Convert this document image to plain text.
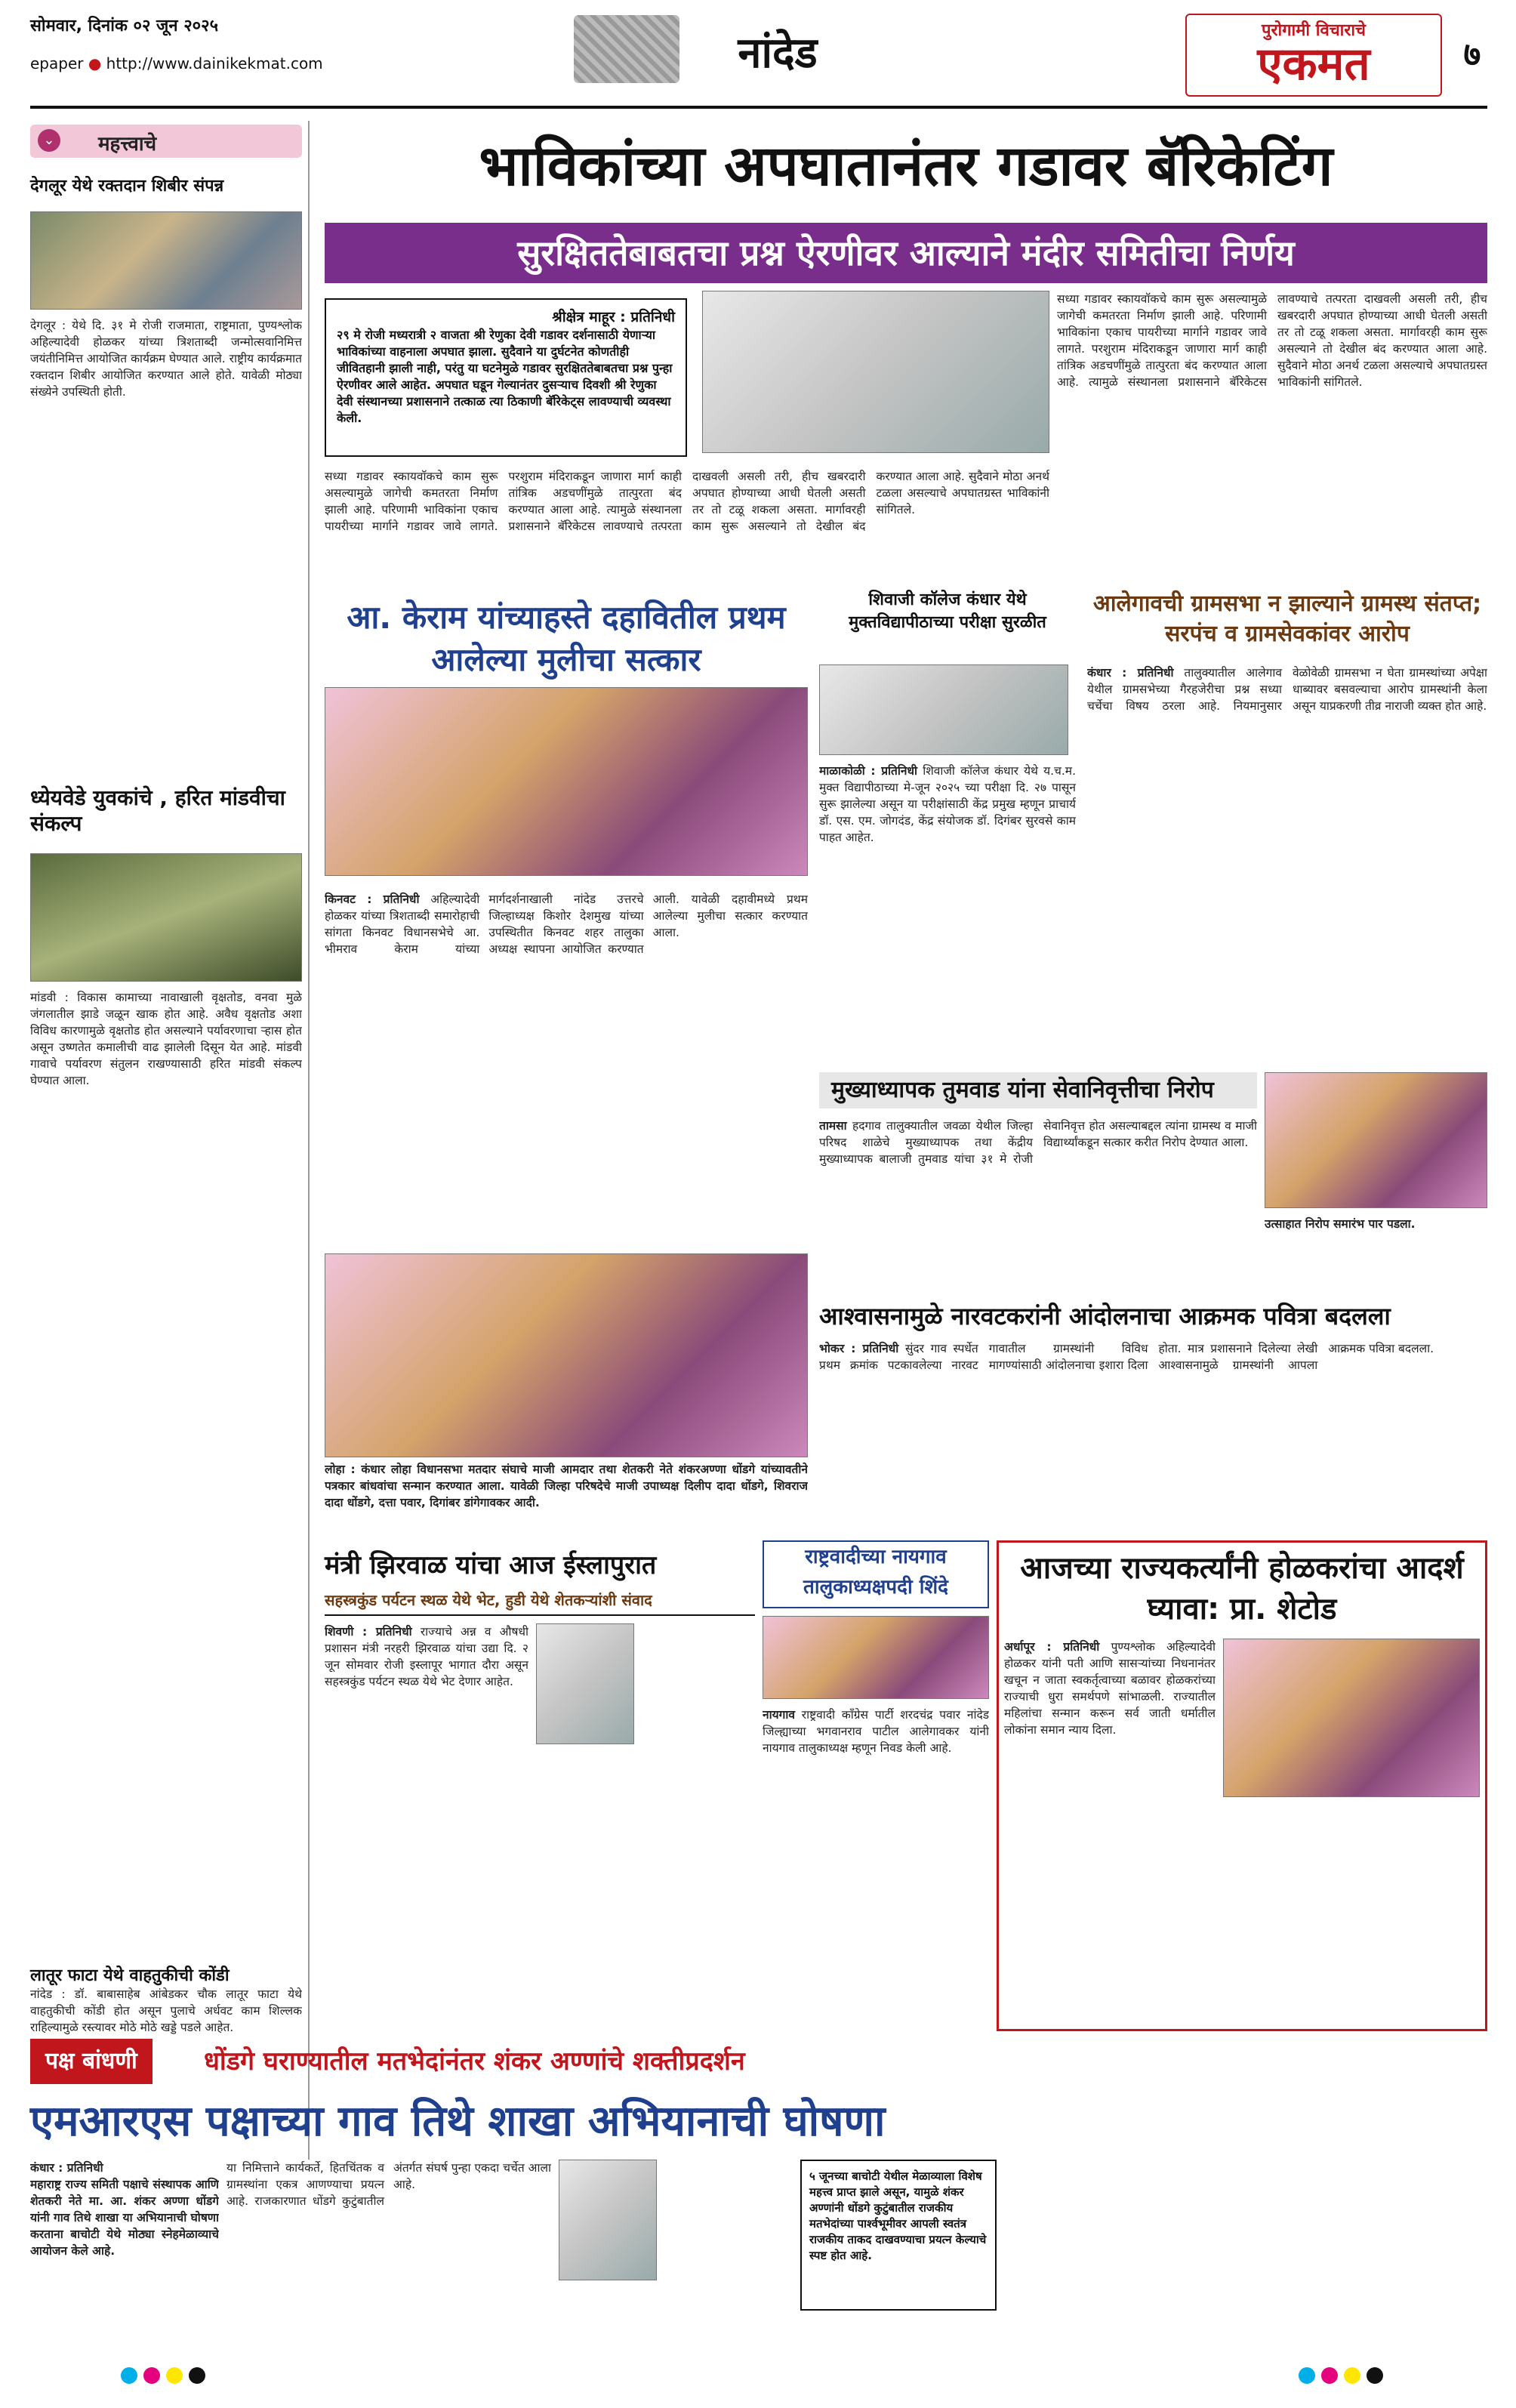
सोमवार, दिनांक ०२ जून २०२५
epaper ● http://www.dainikekmat.com	नांदेड	पुरोगामी विचाराचे
एकमत	७
⌄ महत्त्वाचे
देगलूर येथे रक्तदान शिबीर संपन्न
देगलूर : येथे दि. ३१ मे रोजी राजमाता, राष्ट्रमाता, पुण्यश्लोक अहिल्यादेवी होळकर यांच्या त्रिशताब्दी जन्मोत्सवानिमित्त जयंतीनिमित्त आयोजित कार्यक्रम घेण्यात आले. राष्ट्रीय कार्यक्रमात रक्तदान शिबीर आयोजित करण्यात आले होते. यावेळी मोठ्या संख्येने उपस्थिती होती.
ध्येयवेडे युवकांचे , हरित मांडवीचा संकल्प
मांडवी : विकास कामाच्या नावाखाली वृक्षतोड, वनवा मुळे जंगलातील झाडे जळून खाक होत आहे. अवैध वृक्षतोड अशा विविध कारणामुळे वृक्षतोड होत असल्याने पर्यावरणाचा ऱ्हास होत असून उष्णतेत कमालीची वाढ झालेली दिसून येत आहे. मांडवी गावाचे पर्यावरण संतुलन राखण्यासाठी हरित मांडवी संकल्प घेण्यात आला.
लातूर फाटा येथे वाहतुकीची कोंडी
नांदेड : डॉ. बाबासाहेब आंबेडकर चौक लातूर फाटा येथे वाहतुकीची कोंडी होत असून पुलाचे अर्धवट काम शिल्लक राहिल्यामुळे रस्त्यावर मोठे मोठे खड्डे पडले आहेत.
भाविकांच्या अपघातानंतर गडावर बॅरिकेटिंग
सुरक्षिततेबाबतचा प्रश्न ऐरणीवर आल्याने मंदीर समितीचा निर्णय
श्रीक्षेत्र माहूर : प्रतिनिधी
२९ मे रोजी मध्यरात्री २ वाजता श्री रेणुका देवी गडावर दर्शनासाठी येणाऱ्या भाविकांच्या वाहनाला अपघात झाला. सुदैवाने या दुर्घटनेत कोणतीही जीवितहानी झाली नाही, परंतु या घटनेमुळे गडावर सुरक्षिततेबाबतचा प्रश्न पुन्हा ऐरणीवर आले आहेत. अपघात घडून गेल्यानंतर दुसऱ्याच दिवशी श्री रेणुका देवी संस्थानच्या प्रशासनाने तत्काळ त्या ठिकाणी बॅरिकेट्स लावण्याची व्यवस्था केली.
सध्या गडावर स्कायवॉकचे काम सुरू असल्यामुळे जागेची कमतरता निर्माण झाली आहे. परिणामी भाविकांना एकाच पायरीच्या मार्गाने गडावर जावे लागते. परशुराम मंदिराकडून जाणारा मार्ग काही तांत्रिक अडचणींमुळे तात्पुरता बंद करण्यात आला आहे. त्यामुळे संस्थानला प्रशासनाने बॅरिकेटस लावण्याचे तत्परता दाखवली असली तरी, हीच खबरदारी अपघात होण्याच्या आधी घेतली असती तर तो टळू शकला असता. मार्गावरही काम सुरू असल्याने तो देखील बंद करण्यात आला आहे. सुदैवाने मोठा अनर्थ टळला असल्याचे अपघातग्रस्त भाविकांनी सांगितले.
सध्या गडावर स्कायवॉकचे काम सुरू असल्यामुळे जागेची कमतरता निर्माण झाली आहे. परिणामी भाविकांना एकाच पायरीच्या मार्गाने गडावर जावे लागते. परशुराम मंदिराकडून जाणारा मार्ग काही तांत्रिक अडचणींमुळे तात्पुरता बंद करण्यात आला आहे. त्यामुळे संस्थानला प्रशासनाने बॅरिकेटस लावण्याचे तत्परता दाखवली असली तरी, हीच खबरदारी अपघात होण्याच्या आधी घेतली असती तर तो टळू शकला असता. मार्गावरही काम सुरू असल्याने तो देखील बंद करण्यात आला आहे. सुदैवाने मोठा अनर्थ टळला असल्याचे अपघातग्रस्त भाविकांनी सांगितले.
आ. केराम यांच्याहस्ते दहावितील प्रथम आलेल्या मुलीचा सत्कार
किनवट : प्रतिनिधी अहिल्यादेवी होळकर यांच्या त्रिशताब्दी समारोहाची सांगता किनवट विधानसभेचे आ. भीमराव केराम यांच्या मार्गदर्शनाखाली नांदेड उत्तरचे जिल्हाध्यक्ष किशोर देशमुख यांच्या उपस्थितीत किनवट शहर तालुका अध्यक्ष स्थापना आयोजित करण्यात आली. यावेळी दहावीमध्ये प्रथम आलेल्या मुलीचा सत्कार करण्यात आला.
शिवाजी कॉलेज कंधार येथे मुक्तविद्यापीठाच्या परीक्षा सुरळीत
माळाकोळी : प्रतिनिधी शिवाजी कॉलेज कंधार येथे य.च.म. मुक्त विद्यापीठाच्या मे-जून २०२५ च्या परीक्षा दि. २७ पासून सुरू झालेल्या असून या परीक्षांसाठी केंद्र प्रमुख म्हणून प्राचार्य डॉ. एस. एम. जोगदंड, केंद्र संयोजक डॉ. दिगंबर सुरवसे काम पाहत आहेत.
आलेगावची ग्रामसभा न झाल्याने ग्रामस्थ संतप्त; सरपंच व ग्रामसेवकांवर आरोप
कंधार : प्रतिनिधी तालुक्यातील आलेगाव येथील ग्रामसभेच्या गैरहजेरीचा प्रश्न सध्या चर्चेचा विषय ठरला आहे. नियमानुसार वेळोवेळी ग्रामसभा न घेता ग्रामस्थांच्या अपेक्षा धाब्यावर बसवल्याचा आरोप ग्रामस्थांनी केला असून याप्रकरणी तीव्र नाराजी व्यक्त होत आहे.
मुख्याध्यापक तुमवाड यांना सेवानिवृत्तीचा निरोप
तामसा हदगाव तालुक्यातील जवळा येथील जिल्हा परिषद शाळेचे मुख्याध्यापक तथा केंद्रीय मुख्याध्यापक बालाजी तुमवाड यांचा ३१ मे रोजी सेवानिवृत्त होत असल्याबद्दल त्यांना ग्रामस्थ व माजी विद्यार्थ्यांकडून सत्कार करीत निरोप देण्यात आला.
उत्साहात निरोप समारंभ पार पडला.
लोहा : कंधार लोहा विधानसभा मतदार संघाचे माजी आमदार तथा शेतकरी नेते शंकरअण्णा धोंडगे यांच्यावतीने पत्रकार बांधवांचा सन्मान करण्यात आला. यावेळी जिल्हा परिषदेचे माजी उपाध्यक्ष दिलीप दादा धोंडगे, शिवराज दादा धोंडगे, दत्ता पवार, दिगांबर डांगेगावकर आदी.
आश्वासनामुळे नारवटकरांनी आंदोलनाचा आक्रमक पवित्रा बदलला
भोकर : प्रतिनिधी सुंदर गाव स्पर्धेत प्रथम क्रमांक पटकावलेल्या नारवट गावातील ग्रामस्थांनी विविध मागण्यांसाठी आंदोलनाचा इशारा दिला होता. मात्र प्रशासनाने दिलेल्या लेखी आश्वासनामुळे ग्रामस्थांनी आपला आक्रमक पवित्रा बदलला.
मंत्री झिरवाळ यांचा आज ईस्लापुरात
सहस्त्रकुंड पर्यटन स्थळ येथे भेट, हुडी येथे शेतकऱ्यांशी संवाद
शिवणी : प्रतिनिधी राज्याचे अन्न व औषधी प्रशासन मंत्री नरहरी झिरवाळ यांचा उद्या दि. २ जून सोमवार रोजी इस्लापूर भागात दौरा असून सहस्त्रकुंड पर्यटन स्थळ येथे भेट देणार आहेत.
राष्ट्रवादीच्या नायगाव तालुकाध्यक्षपदी शिंदे
नायगाव राष्ट्रवादी कॉंग्रेस पार्टी शरदचंद्र पवार नांदेड जिल्ह्याच्या भगवानराव पाटील आलेगावकर यांनी नायगाव तालुकाध्यक्ष म्हणून निवड केली आहे.
आजच्या राज्यकर्त्यांनी होळकरांचा आदर्श घ्यावा: प्रा. शेटोड
अर्धापूर : प्रतिनिधी पुण्यश्लोक अहिल्यादेवी होळकर यांनी पती आणि सासऱ्यांच्या निधनानंतर खचून न जाता स्वकर्तृत्वाच्या बळावर होळकरांच्या राज्याची धुरा समर्थपणे सांभाळली. राज्यातील महिलांचा सन्मान करून सर्व जाती धर्मातील लोकांना समान न्याय दिला.
पक्ष बांधणी	धोंडगे घराण्यातील मतभेदांनंतर शंकर अण्णांचे शक्तीप्रदर्शन
एमआरएस पक्षाच्या गाव तिथे शाखा अभियानाची घोषणा
कंधार : प्रतिनिधी
महाराष्ट्र राज्य समिती पक्षाचे संस्थापक आणि शेतकरी नेते मा. आ. शंकर अण्णा धोंडगे यांनी गाव तिथे शाखा या अभियानाची घोषणा करताना बाचोटी येथे मोठ्या स्नेहमेळाव्याचे आयोजन केले आहे.
या निमित्ताने कार्यकर्ते, हितचिंतक व ग्रामस्थांना एकत्र आणण्याचा प्रयत्न आहे. राजकारणात धोंडगे कुटुंबातील अंतर्गत संघर्ष पुन्हा एकदा चर्चेत आला आहे.
५ जूनच्या बाचोटी येथील मेळाव्याला विशेष महत्त्व प्राप्त झाले असून, यामुळे शंकर अण्णांनी धोंडगे कुटुंबातील राजकीय मतभेदांच्या पार्श्वभूमीवर आपली स्वतंत्र राजकीय ताकद दाखवण्याचा प्रयत्न केल्याचे स्पष्ट होत आहे.
